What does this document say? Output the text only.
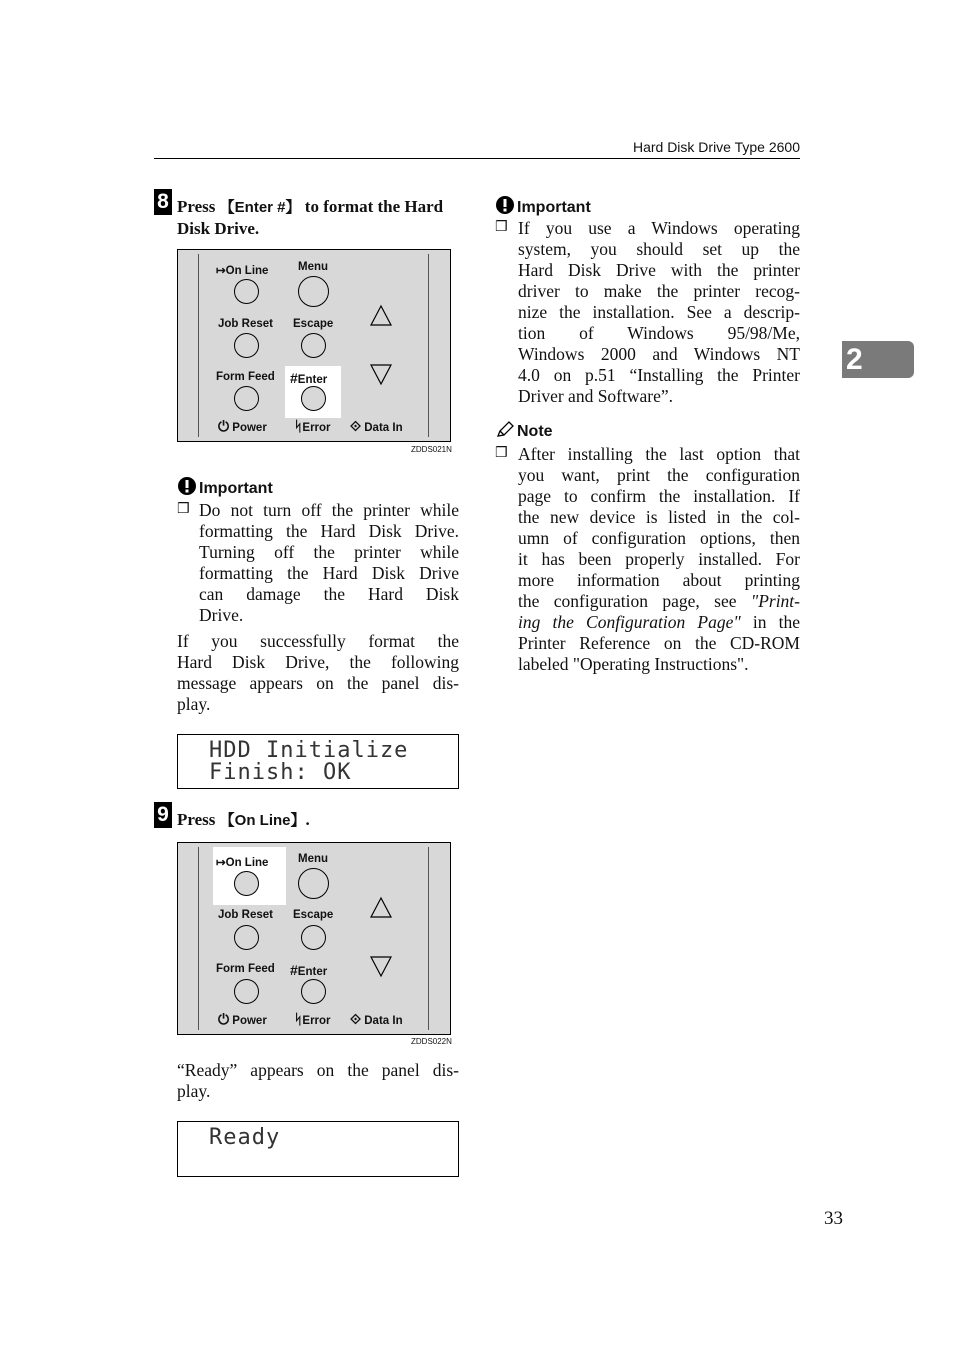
Hard Disk Drive Type 2600
2
8 Press 【Enter #】 to format the Hard
Disk Drive.
↦On Line	Menu
Job Reset Escape
Form Feed #Enter
⏻ Power ᛋError ⟐ Data In
ZDDS021N
Important
❒ Do not turn off the printer while
formatting the Hard Disk Drive.
Turning off the printer while
formatting the Hard Disk Drive
can damage the Hard Disk
Drive.
If you successfully format the
Hard Disk Drive, the following
message appears on the panel dis-
play.
HDD Initialize
Finish: OK
9 Press 【On Line】.
↦On Line	Menu
Job Reset Escape
Form Feed #Enter
⏻ Power ᛋError ⟐ Data In
ZDDS022N
“Ready” appears on the panel dis-
play.
Ready
Important
❒ If you use a Windows operating
system, you should set up the
Hard Disk Drive with the printer
driver to make the printer recog-
nize the installation. See a descrip-
tion of Windows 95/98/Me,
Windows 2000 and Windows NT
4.0 on p.51 “Installing the Printer
Driver and Software”.
Note
❒ After installing the last option that
you want, print the configuration
page to confirm the installation. If
the new device is listed in the col-
umn of configuration options, then
it has been properly installed. For
more information about printing
the configuration page, see "Print-
ing the Configuration Page" in the
Printer Reference on the CD-ROM
labeled "Operating Instructions".
33
